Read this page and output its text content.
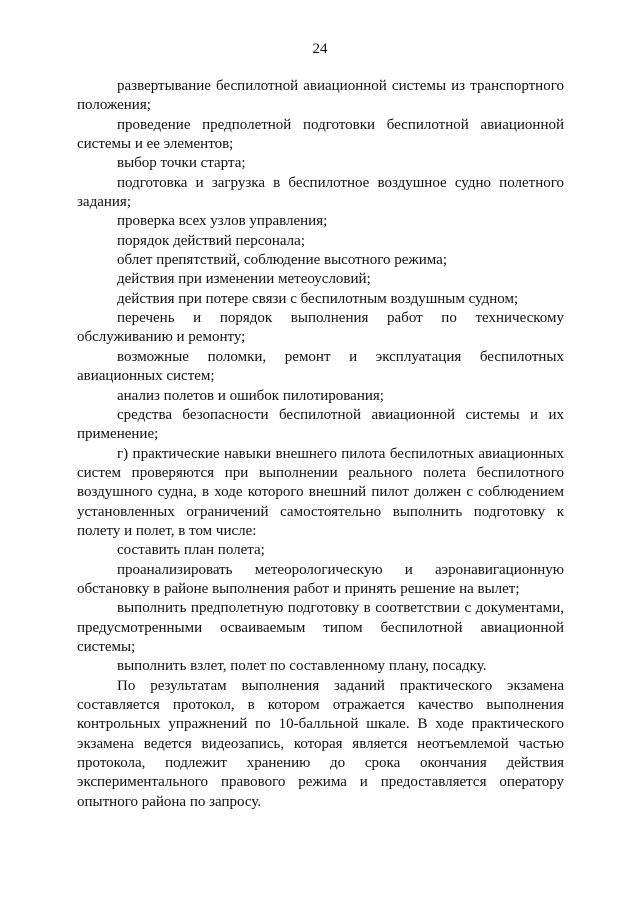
24

развертывание беспилотной авиационной системы из транспортного положения;

проведение предполетной подготовки беспилотной авиационной системы и ее элементов;

выбор точки старта;

подготовка и загрузка в беспилотное воздушное судно полетного задания;

проверка всех узлов управления;

порядок действий персонала;

облет препятствий, соблюдение высотного режима;

действия при изменении метеоусловий;

действия при потере связи с беспилотным воздушным судном;

перечень и порядок выполнения работ по техническому обслуживанию и ремонту;

возможные поломки, ремонт и эксплуатация беспилотных авиационных систем;

анализ полетов и ошибок пилотирования;

средства безопасности беспилотной авиационной системы и их применение;

г) практические навыки внешнего пилота беспилотных авиационных систем проверяются при выполнении реального полета беспилотного воздушного судна, в ходе которого внешний пилот должен с соблюдением установленных ограничений самостоятельно выполнить подготовку к полету и полет, в том числе:

составить план полета;

проанализировать метеорологическую и аэронавигационную обстановку в районе выполнения работ и принять решение на вылет;

выполнить предполетную подготовку в соответствии с документами, предусмотренными осваиваемым типом беспилотной авиационной системы;

выполнить взлет, полет по составленному плану, посадку.

По результатам выполнения заданий практического экзамена составляется протокол, в котором отражается качество выполнения контрольных упражнений по 10-балльной шкале. В ходе практического экзамена ведется видеозапись, которая является неотъемлемой частью протокола, подлежит хранению до срока окончания действия экспериментального правового режима и предоставляется оператору опытного района по запросу.
